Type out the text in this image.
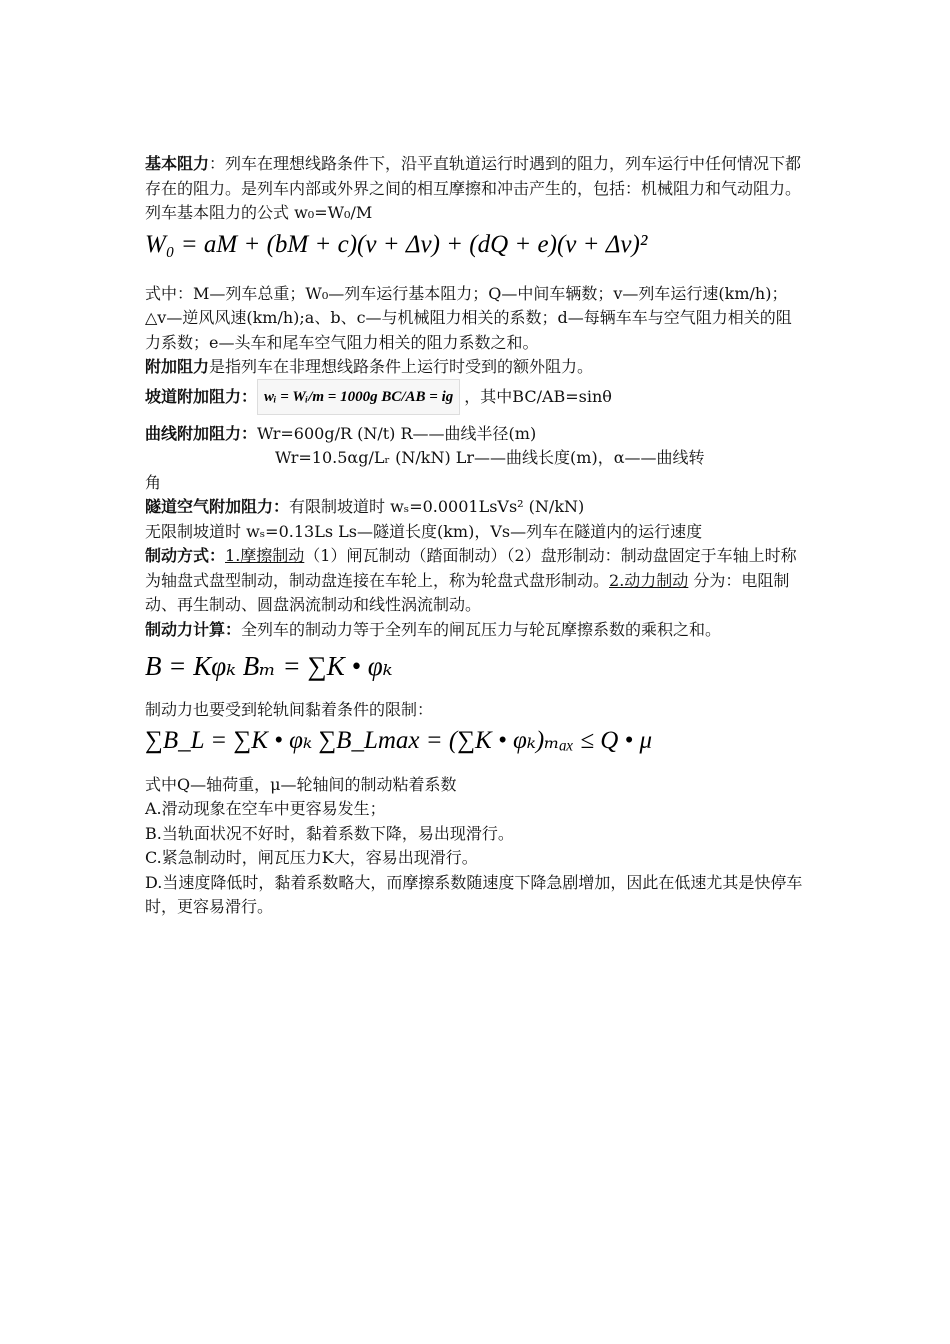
基本阻力：列车在理想线路条件下，沿平直轨道运行时遇到的阻力，列车运行中任何情况下都存在的阻力。是列车内部或外界之间的相互摩擦和冲击产生的，包括：机械阻力和气动阻力。

列车基本阻力的公式 w₀=W₀/M

W₀ = aM + (bM + c)(v + Δv) + (dQ + e)(v + Δv)²

式中：M—列车总重；W₀—列车运行基本阻力；Q—中间车辆数；v—列车运行速(km/h)；△v—逆风风速(km/h);a、b、c—与机械阻力相关的系数；d—每辆车车与空气阻力相关的阻力系数；e—头车和尾车空气阻力相关的阻力系数之和。

附加阻力是指列车在非理想线路条件上运行时受到的额外阻力。

坡道附加阻力： wᵢ = Wᵢ/m = 1000g BC/AB = ig ，其中BC/AB=sinθ

曲线附加阻力：Wr=600g/R (N/t) R——曲线半径(m)

Wr=10.5αg/Lᵣ (N/kN) Lr——曲线长度(m)，α——曲线转

角

隧道空气附加阻力：有限制坡道时 wₛ=0.0001LsVs² (N/kN)

无限制坡道时 wₛ=0.13Ls Ls—隧道长度(km)，Vs—列车在隧道内的运行速度

制动方式：1.摩擦制动（1）闸瓦制动（踏面制动）（2）盘形制动：制动盘固定于车轴上时称为轴盘式盘型制动，制动盘连接在车轮上，称为轮盘式盘形制动。2.动力制动 分为：电阻制动、再生制动、圆盘涡流制动和线性涡流制动。

制动力计算：全列车的制动力等于全列车的闸瓦压力与轮瓦摩擦系数的乘积之和。

B = Kφₖ Bₘ = ∑K • φₖ

制动力也要受到轮轨间黏着条件的限制：

∑B_L = ∑K • φₖ ∑B_Lmax = (∑K • φₖ)ₘₐₓ ≤ Q • μ

式中Q—轴荷重，μ—轮轴间的制动粘着系数

A.滑动现象在空车中更容易发生；

B.当轨面状况不好时，黏着系数下降，易出现滑行。

C.紧急制动时，闸瓦压力K大，容易出现滑行。

D.当速度降低时，黏着系数略大，而摩擦系数随速度下降急剧增加，因此在低速尤其是快停车时，更容易滑行。
